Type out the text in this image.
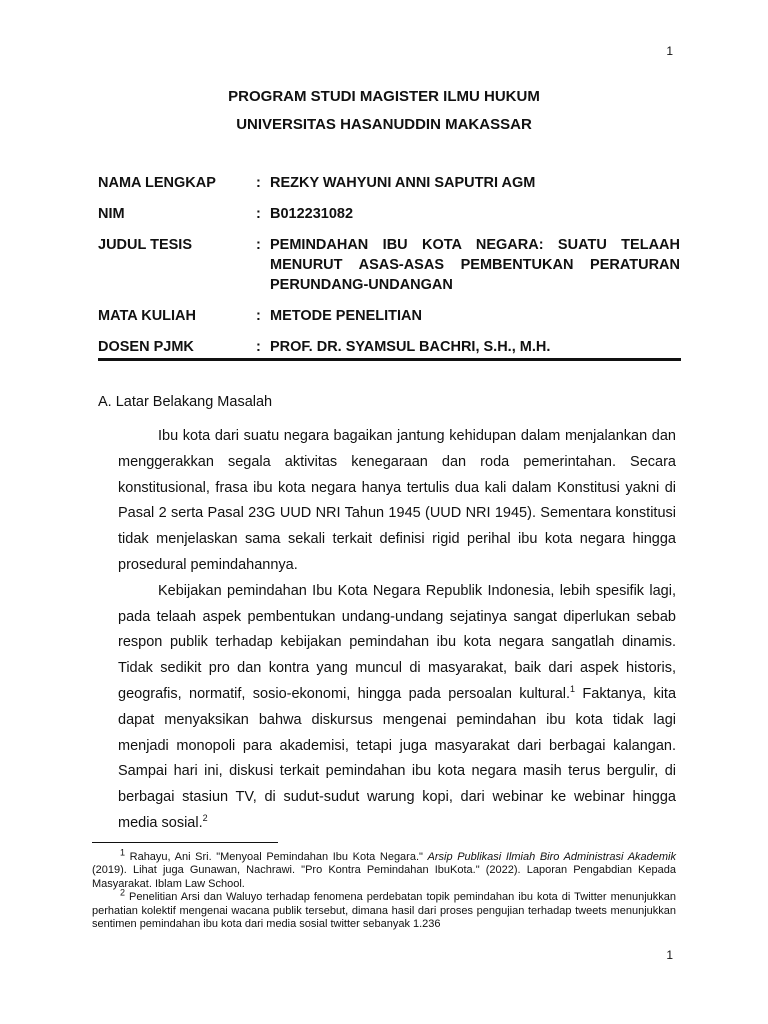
1
PROGRAM STUDI MAGISTER ILMU HUKUM
UNIVERSITAS HASANUDDIN MAKASSAR
NAMA LENGKAP	: REZKY WAHYUNI ANNI SAPUTRI AGM
NIM	: B012231082
JUDUL TESIS	: PEMINDAHAN IBU KOTA NEGARA: SUATU TELAAH MENURUT ASAS-ASAS PEMBENTUKAN PERATURAN PERUNDANG-UNDANGAN
MATA KULIAH	: METODE PENELITIAN
DOSEN PJMK	: PROF. DR. SYAMSUL BACHRI, S.H., M.H.
A. Latar Belakang Masalah

Ibu kota dari suatu negara bagaikan jantung kehidupan dalam menjalankan dan menggerakkan segala aktivitas kenegaraan dan roda pemerintahan. Secara konstitusional, frasa ibu kota negara hanya tertulis dua kali dalam Konstitusi yakni di Pasal 2 serta Pasal 23G UUD NRI Tahun 1945 (UUD NRI 1945). Sementara konstitusi tidak menjelaskan sama sekali terkait definisi rigid perihal ibu kota negara hingga prosedural pemindahannya.

Kebijakan pemindahan Ibu Kota Negara Republik Indonesia, lebih spesifik lagi, pada telaah aspek pembentukan undang-undang sejatinya sangat diperlukan sebab respon publik terhadap kebijakan pemindahan ibu kota negara sangatlah dinamis. Tidak sedikit pro dan kontra yang muncul di masyarakat, baik dari aspek historis, geografis, normatif, sosio-ekonomi, hingga pada persoalan kultural.$^1$ Faktanya, kita dapat menyaksikan bahwa diskursus mengenai pemindahan ibu kota tidak lagi menjadi monopoli para akademisi, tetapi juga masyarakat dari berbagai kalangan. Sampai hari ini, diskusi terkait pemindahan ibu kota negara masih terus bergulir, di berbagai stasiun TV, di sudut-sudut warung kopi, dari webinar ke webinar hingga media sosial.$^2$

$^1$ Rahayu, Ani Sri. "Menyoal Pemindahan Ibu Kota Negara." Arsip Publikasi Ilmiah Biro Administrasi Akademik (2019). Lihat juga Gunawan, Nachrawi. "Pro Kontra Pemindahan IbuKota." (2022). Laporan Pengabdian Kepada Masyarakat. Iblam Law School.

$^2$ Penelitian Arsi dan Waluyo terhadap fenomena perdebatan topik pemindahan ibu kota di Twitter menunjukkan perhatian kolektif mengenai wacana publik tersebut, dimana hasil dari proses pengujian terhadap tweets menunjukkan sentimen pemindahan ibu kota dari media sosial twitter sebanyak 1.236

1
